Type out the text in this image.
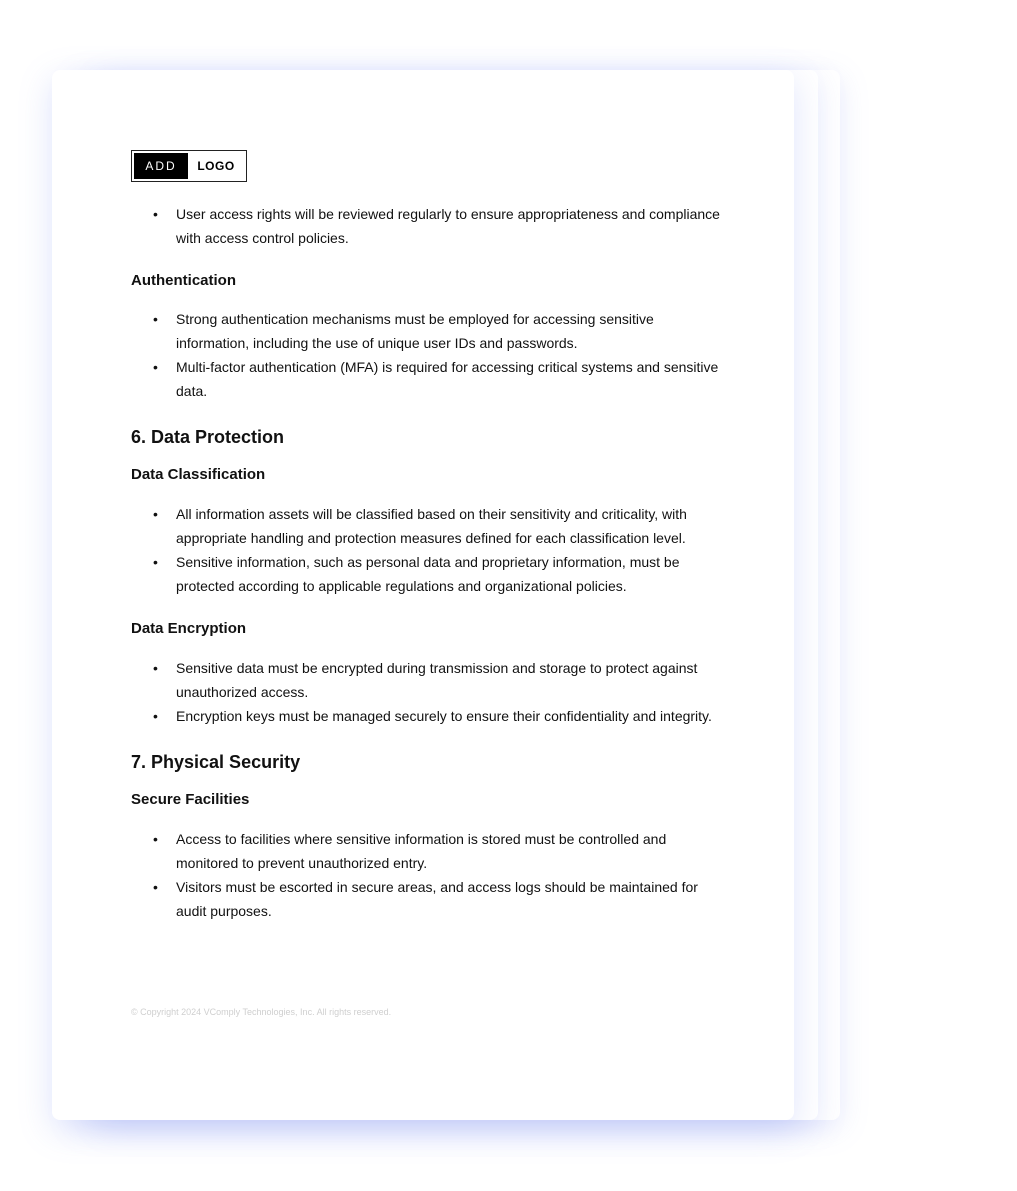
ADD	LOGO
• User access rights will be reviewed regularly to ensure appropriateness and compliance with access control policies.
Authentication
• Strong authentication mechanisms must be employed for accessing sensitive information, including the use of unique user IDs and passwords.
• Multi-factor authentication (MFA) is required for accessing critical systems and sensitive data.
6. Data Protection
Data Classification
• All information assets will be classified based on their sensitivity and criticality, with appropriate handling and protection measures defined for each classification level.
• Sensitive information, such as personal data and proprietary information, must be protected according to applicable regulations and organizational policies.
Data Encryption
• Sensitive data must be encrypted during transmission and storage to protect against unauthorized access.
• Encryption keys must be managed securely to ensure their confidentiality and integrity.
7. Physical Security
Secure Facilities
• Access to facilities where sensitive information is stored must be controlled and monitored to prevent unauthorized entry.
• Visitors must be escorted in secure areas, and access logs should be maintained for audit purposes.
© Copyright 2024 VComply Technologies, Inc. All rights reserved.
